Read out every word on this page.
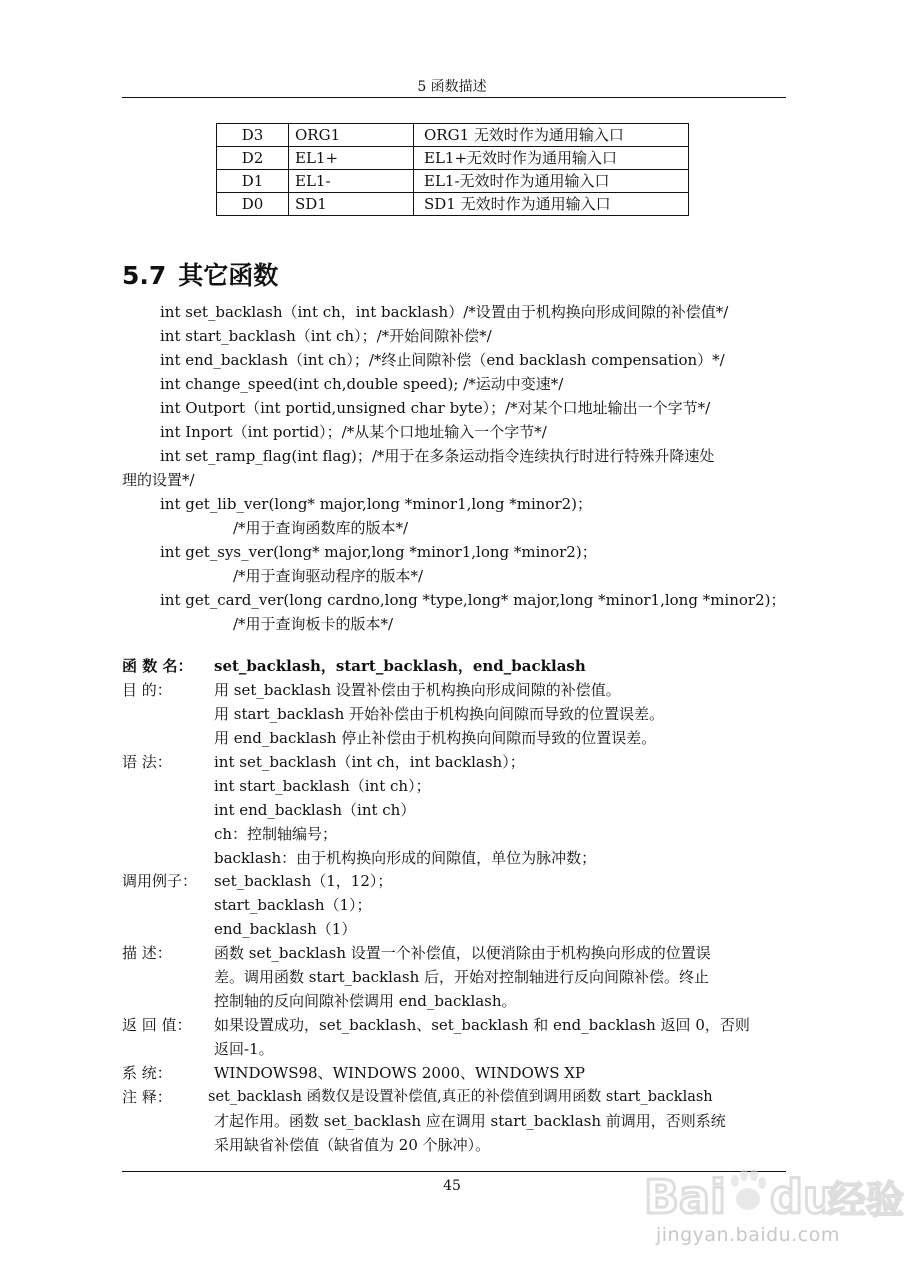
5 函数描述
D3	ORG1	ORG1 无效时作为通用输入口
D2	EL1+	EL1+无效时作为通用输入口
D1	EL1-	EL1-无效时作为通用输入口
D0	SD1	SD1 无效时作为通用输入口
5.7 其它函数
int set_backlash（int ch，int backlash）/*设置由于机构换向形成间隙的补偿值*/
int start_backlash（int ch）；/*开始间隙补偿*/
int end_backlash（int ch）；/*终止间隙补偿（end backlash compensation）*/
int change_speed(int ch,double speed); /*运动中变速*/
int Outport（int portid,unsigned char byte）；/*对某个口地址输出一个字节*/
int Inport（int portid）；/*从某个口地址输入一个字节*/
int set_ramp_flag(int flag)；/*用于在多条运动指令连续执行时进行特殊升降速处
理的设置*/
int get_lib_ver(long* major,long *minor1,long *minor2)；
/*用于查询函数库的版本*/
int get_sys_ver(long* major,long *minor1,long *minor2)；
/*用于查询驱动程序的版本*/
int get_card_ver(long cardno,long *type,long* major,long *minor1,long *minor2)；
/*用于查询板卡的版本*/
函 数 名： set_backlash，start_backlash，end_backlash
目 的：	用 set_backlash 设置补偿由于机构换向形成间隙的补偿值。
用 start_backlash 开始补偿由于机构换向间隙而导致的位置误差。
用 end_backlash 停止补偿由于机构换向间隙而导致的位置误差。
语 法：	int set_backlash（int ch，int backlash）；
int start_backlash（int ch）；
int end_backlash（int ch）
ch：控制轴编号；
backlash：由于机构换向形成的间隙值，单位为脉冲数；
调用例子： set_backlash（1，12）；
start_backlash（1）；
end_backlash（1）
描 述：	函数 set_backlash 设置一个补偿值，以便消除由于机构换向形成的位置误
差。调用函数 start_backlash 后，开始对控制轴进行反向间隙补偿。终止
控制轴的反向间隙补偿调用 end_backlash。
返 回 值： 如果设置成功，set_backlash、set_backlash 和 end_backlash 返回 0，否则
返回-1。
系 统：	WINDOWS98、WINDOWS 2000、WINDOWS XP
注 释： set_backlash 函数仅是设置补偿值,真正的补偿值到调用函数 start_backlash
才起作用。函数 set_backlash 应在调用 start_backlash 前调用，否则系统
采用缺省补偿值（缺省值为 20 个脉冲）。
45	Bai du
经验
jingyan.baidu.com
